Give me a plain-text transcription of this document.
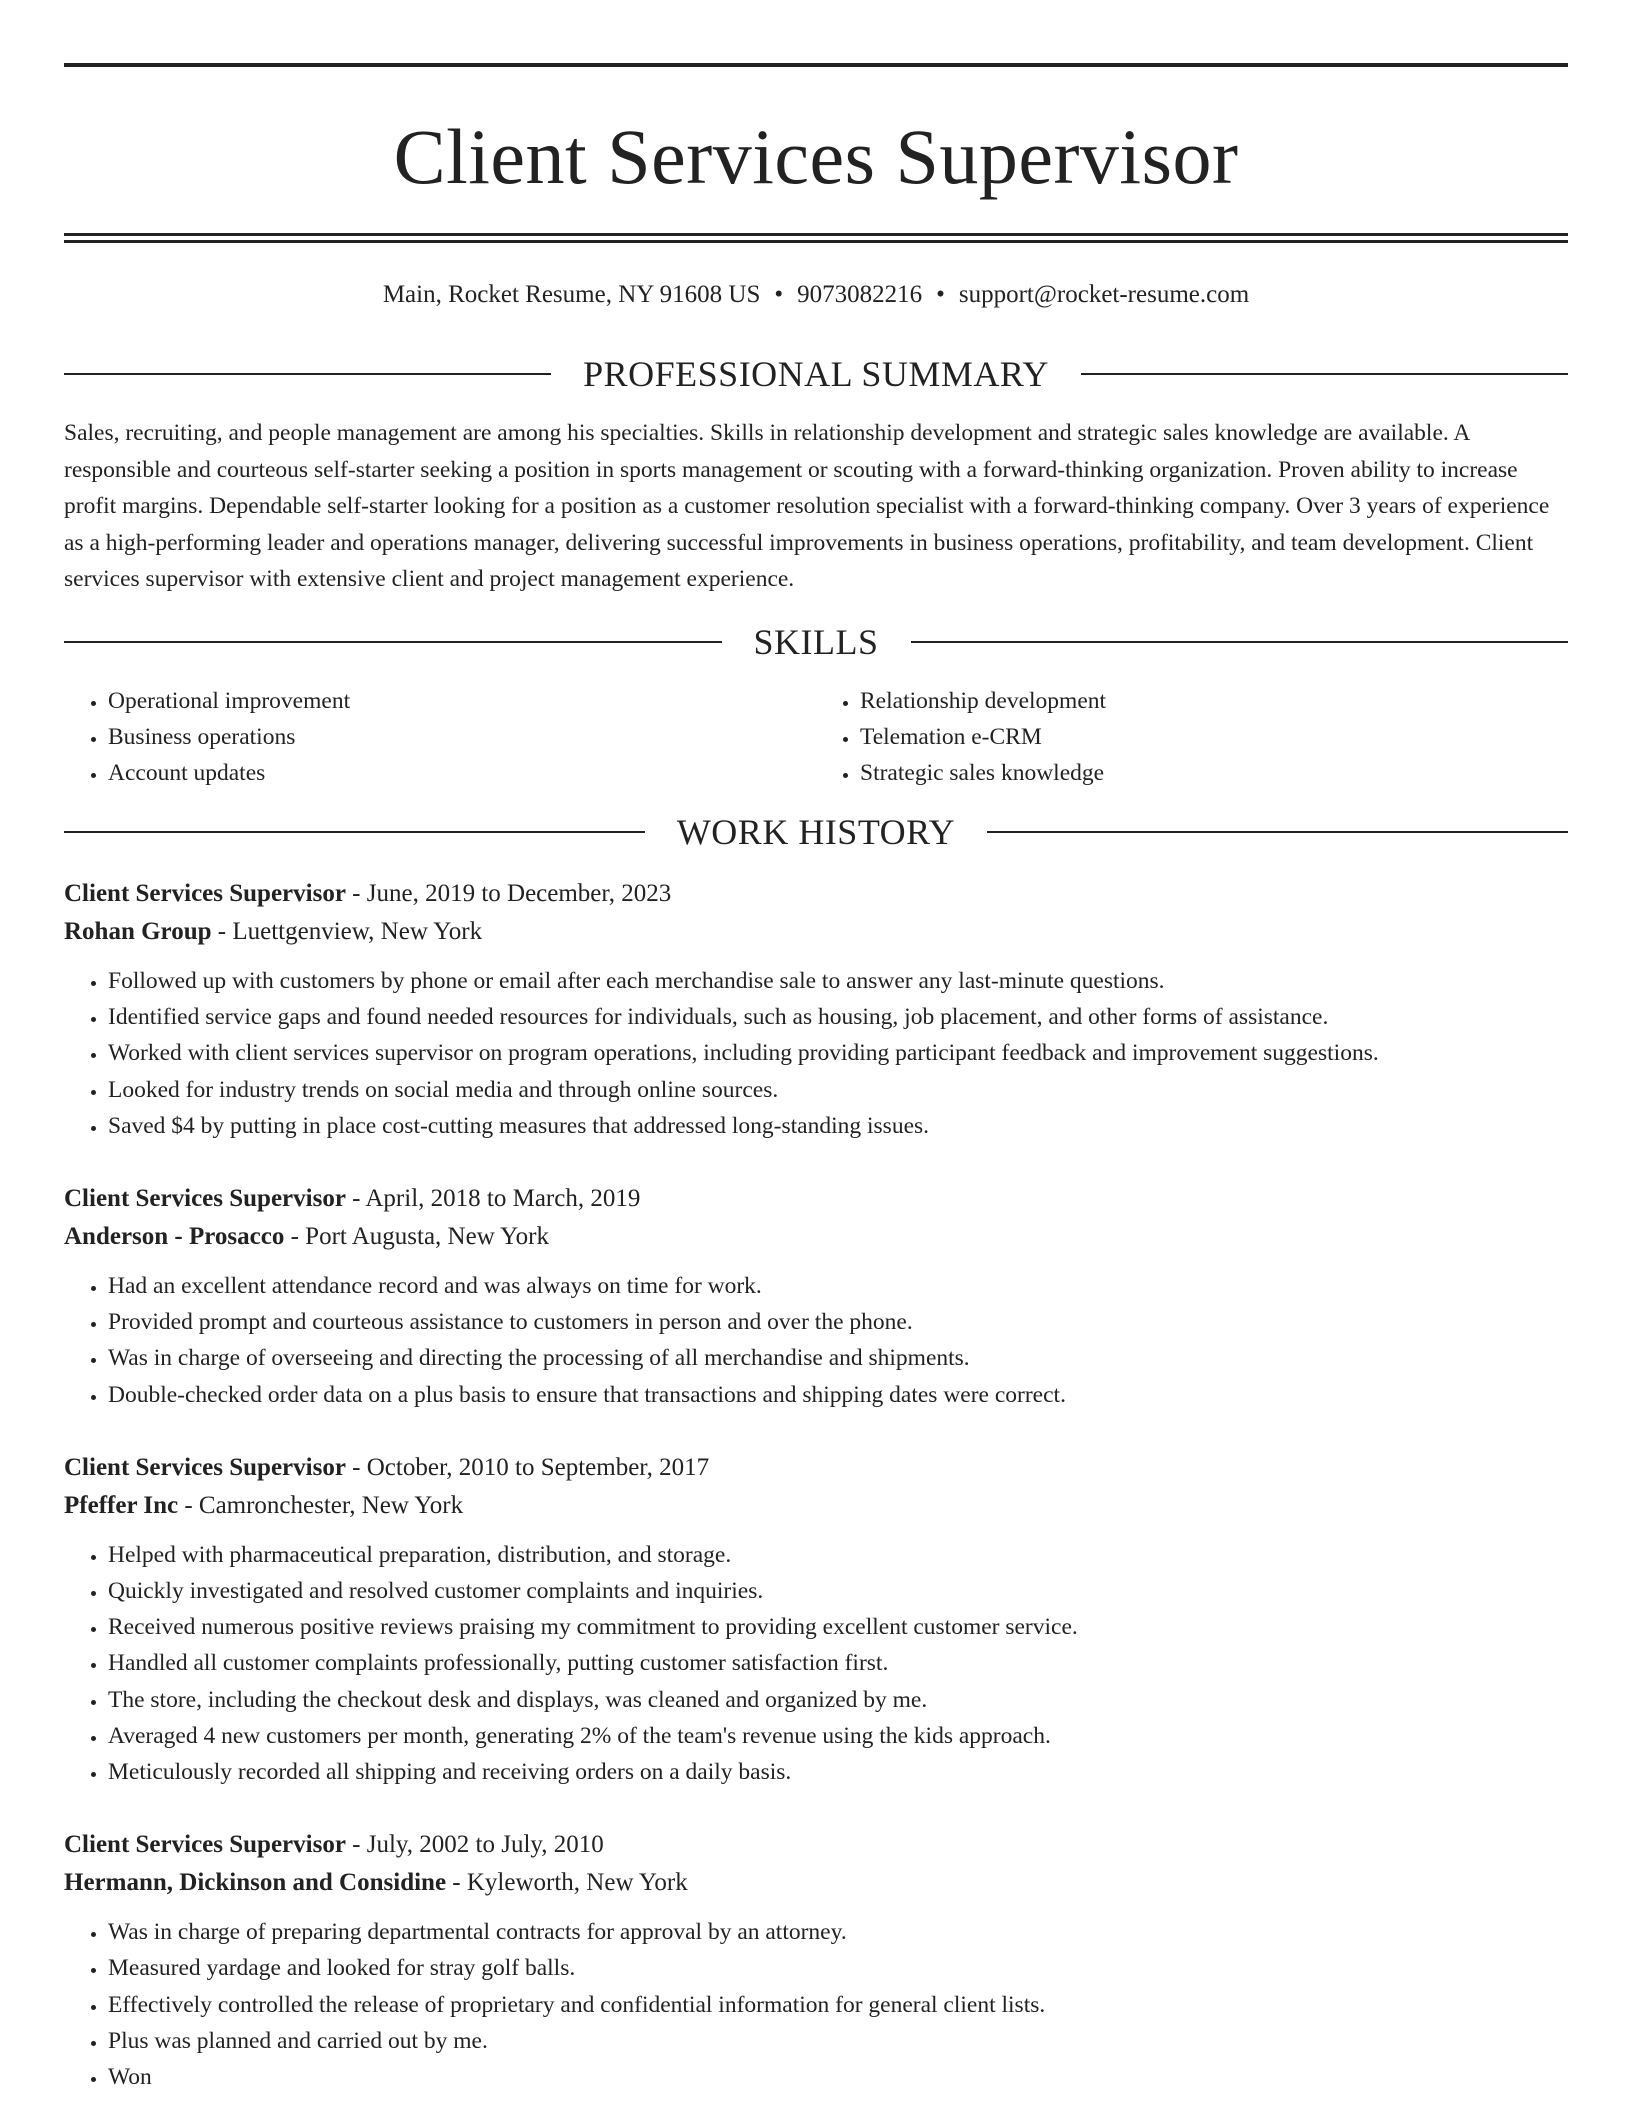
Client Services Supervisor
Main, Rocket Resume, NY 91608 US • 9073082216 • support@rocket-resume.com
PROFESSIONAL SUMMARY

Sales, recruiting, and people management are among his specialties. Skills in relationship development and strategic sales knowledge are available. A responsible and courteous self-starter seeking a position in sports management or scouting with a forward-thinking organization. Proven ability to increase profit margins. Dependable self-starter looking for a position as a customer resolution specialist with a forward-thinking company. Over 3 years of experience as a high-performing leader and operations manager, delivering successful improvements in business operations, profitability, and team development. Client services supervisor with extensive client and project management experience.

SKILLS
• Operational improvement
• Business operations
• Account updates
• Relationship development
• Telemation e-CRM
• Strategic sales knowledge
WORK HISTORY
Client Services Supervisor - June, 2019 to December, 2023
Rohan Group - Luettgenview, New York
• Followed up with customers by phone or email after each merchandise sale to answer any last-minute questions.
• Identified service gaps and found needed resources for individuals, such as housing, job placement, and other forms of assistance.
• Worked with client services supervisor on program operations, including providing participant feedback and improvement suggestions.
• Looked for industry trends on social media and through online sources.
• Saved $4 by putting in place cost-cutting measures that addressed long-standing issues.
Client Services Supervisor - April, 2018 to March, 2019
Anderson - Prosacco - Port Augusta, New York
• Had an excellent attendance record and was always on time for work.
• Provided prompt and courteous assistance to customers in person and over the phone.
• Was in charge of overseeing and directing the processing of all merchandise and shipments.
• Double-checked order data on a plus basis to ensure that transactions and shipping dates were correct.
Client Services Supervisor - October, 2010 to September, 2017
Pfeffer Inc - Camronchester, New York
• Helped with pharmaceutical preparation, distribution, and storage.
• Quickly investigated and resolved customer complaints and inquiries.
• Received numerous positive reviews praising my commitment to providing excellent customer service.
• Handled all customer complaints professionally, putting customer satisfaction first.
• The store, including the checkout desk and displays, was cleaned and organized by me.
• Averaged 4 new customers per month, generating 2% of the team's revenue using the kids approach.
• Meticulously recorded all shipping and receiving orders on a daily basis.
Client Services Supervisor - July, 2002 to July, 2010
Hermann, Dickinson and Considine - Kyleworth, New York
• Was in charge of preparing departmental contracts for approval by an attorney.
• Measured yardage and looked for stray golf balls.
• Effectively controlled the release of proprietary and confidential information for general client lists.
• Plus was planned and carried out by me.
• Won
